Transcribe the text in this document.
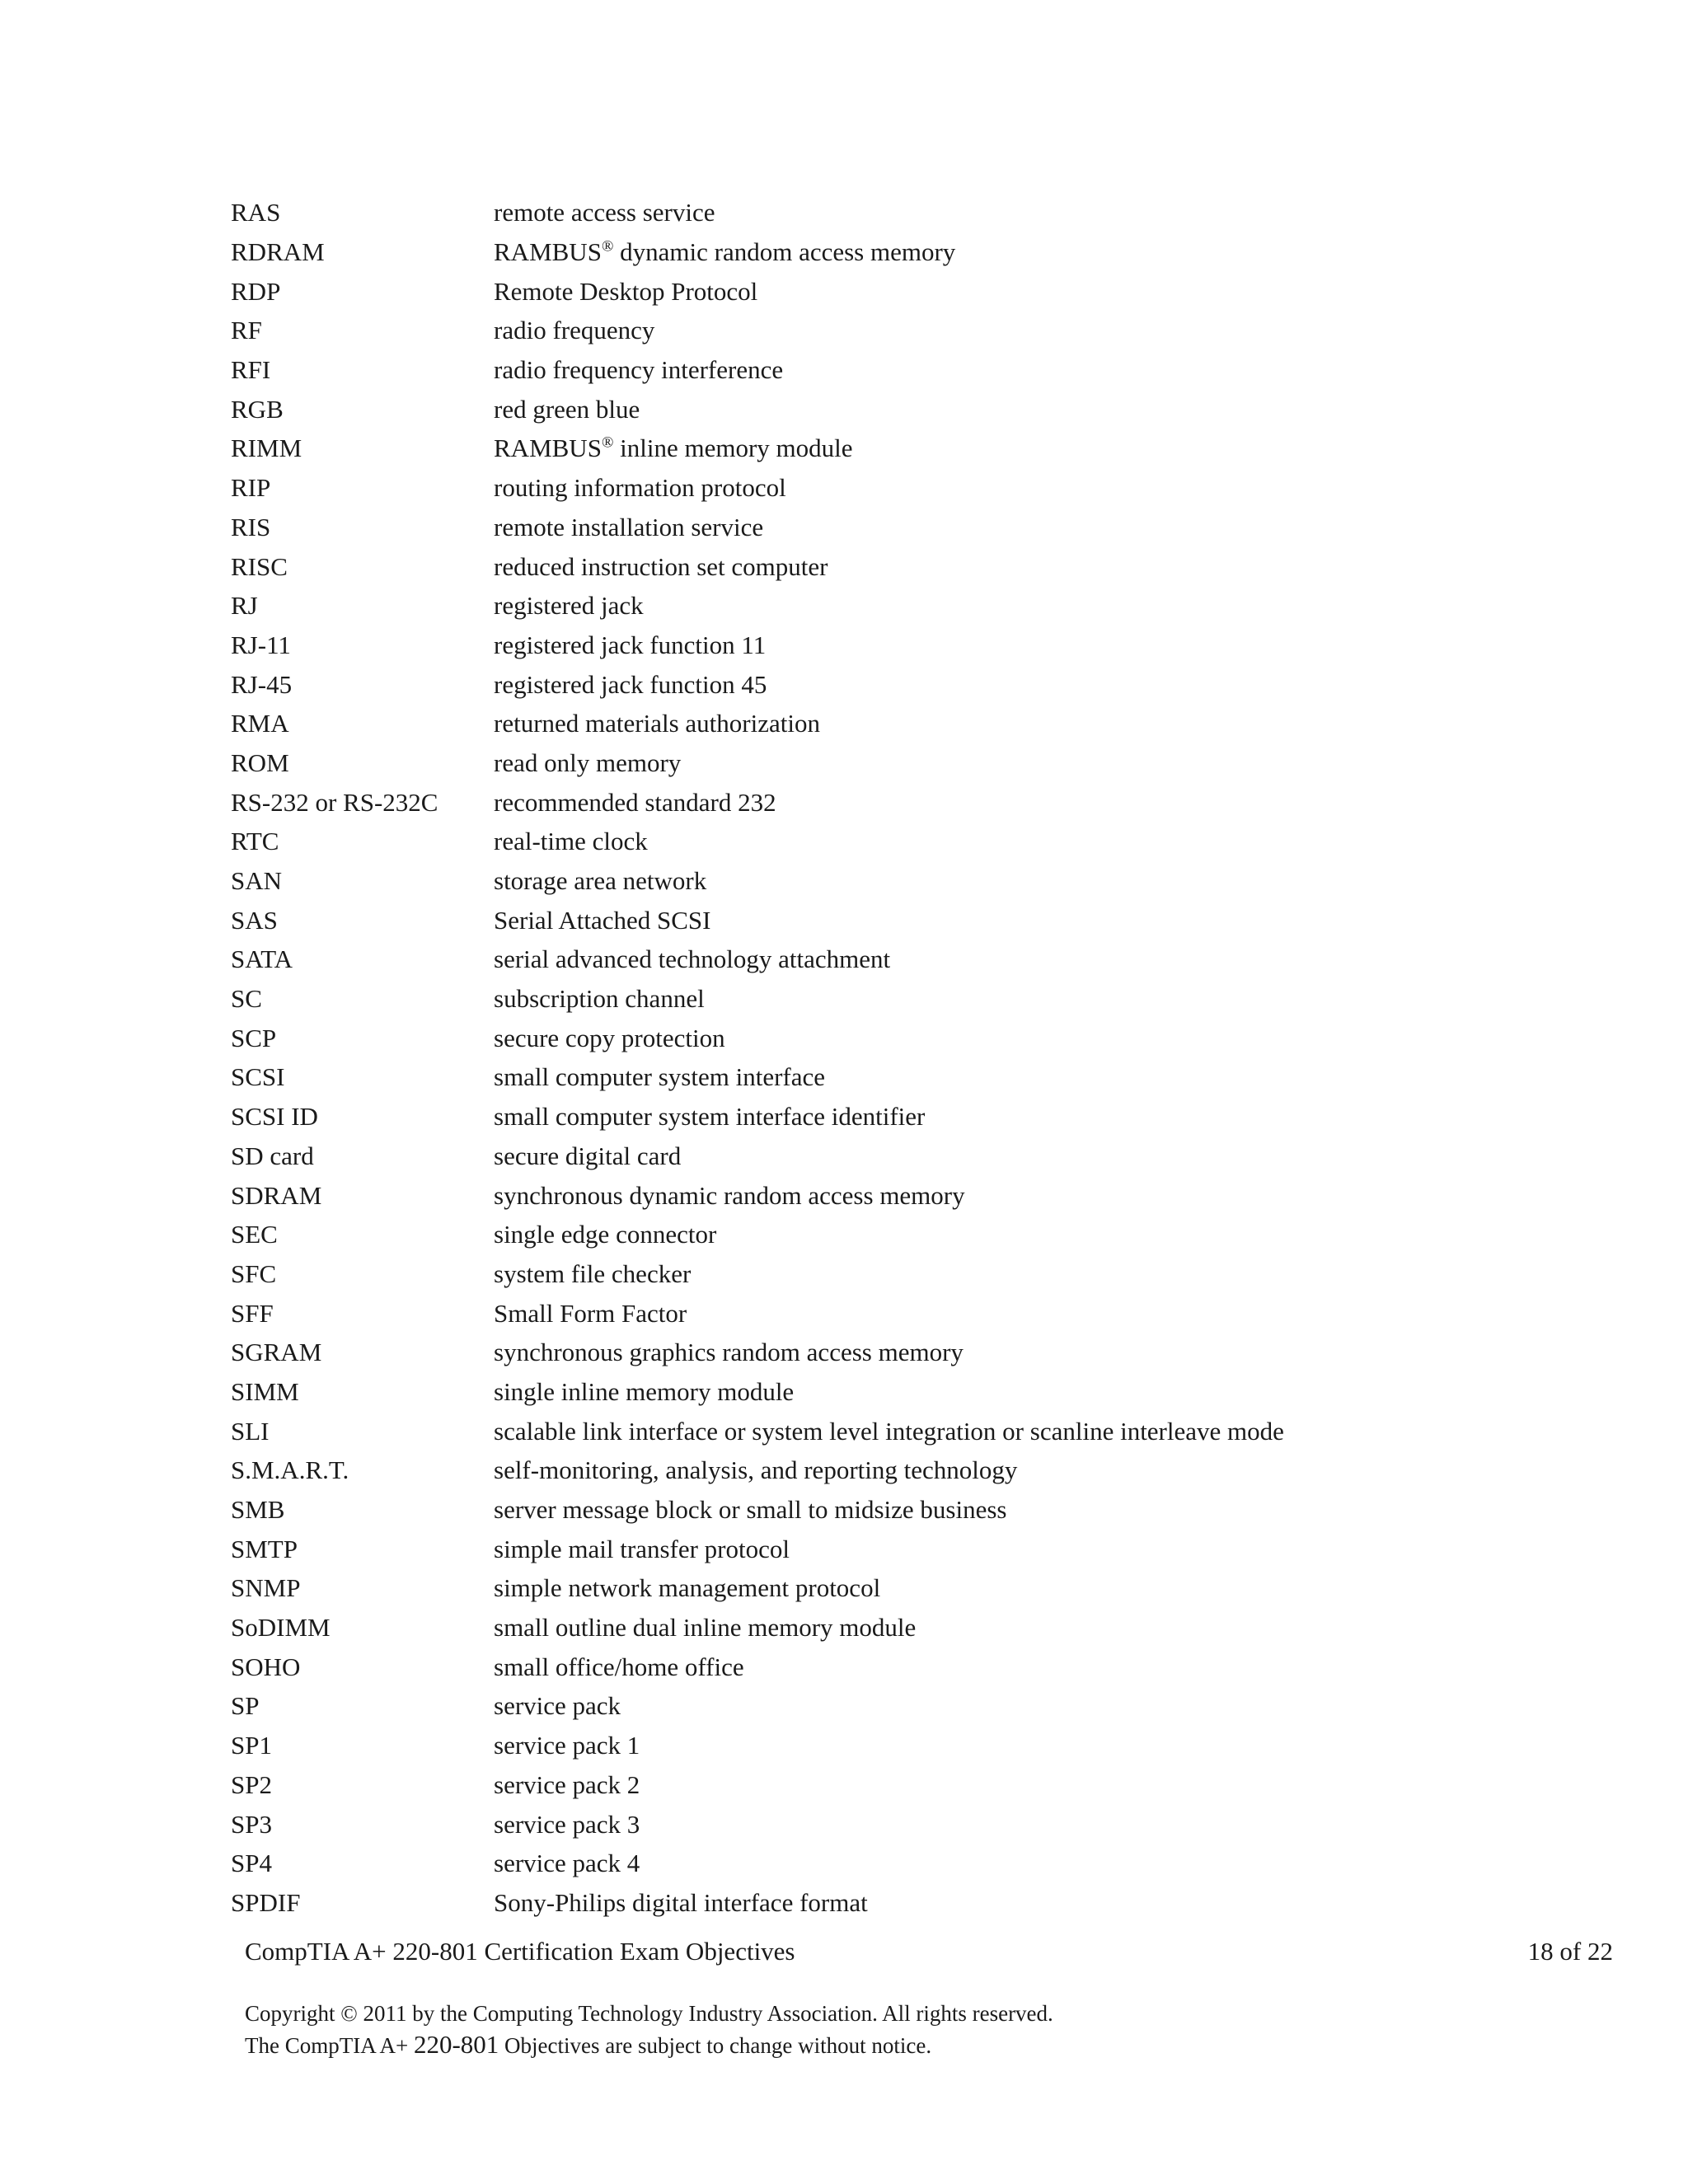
RAS	remote access service
RDRAM	RAMBUS® dynamic random access memory
RDP	Remote Desktop Protocol
RF	radio frequency
RFI	radio frequency interference
RGB	red green blue
RIMM	RAMBUS® inline memory module
RIP	routing information protocol
RIS	remote installation service
RISC	reduced instruction set computer
RJ	registered jack
RJ-11	registered jack function 11
RJ-45	registered jack function 45
RMA	returned materials authorization
ROM	read only memory
RS-232 or RS-232C	recommended standard 232
RTC	real-time clock
SAN	storage area network
SAS	Serial Attached SCSI
SATA	serial advanced technology attachment
SC	subscription channel
SCP	secure copy protection
SCSI	small computer system interface
SCSI ID	small computer system interface identifier
SD card	secure digital card
SDRAM	synchronous dynamic random access memory
SEC	single edge connector
SFC	system file checker
SFF	Small Form Factor
SGRAM	synchronous graphics random access memory
SIMM	single inline memory module
SLI	scalable link interface or system level integration or scanline interleave mode
S.M.A.R.T.	self-monitoring, analysis, and reporting technology
SMB	server message block or small to midsize business
SMTP	simple mail transfer protocol
SNMP	simple network management protocol
SoDIMM	small outline dual inline memory module
SOHO	small office/home office
SP	service pack
SP1	service pack 1
SP2	service pack 2
SP3	service pack 3
SP4	service pack 4
SPDIF	Sony-Philips digital interface format
CompTIA A+ 220-801 Certification Exam Objectives	18 of 22
Copyright © 2011 by the Computing Technology Industry Association. All rights reserved.
The CompTIA A+ 220-801 Objectives are subject to change without notice.
